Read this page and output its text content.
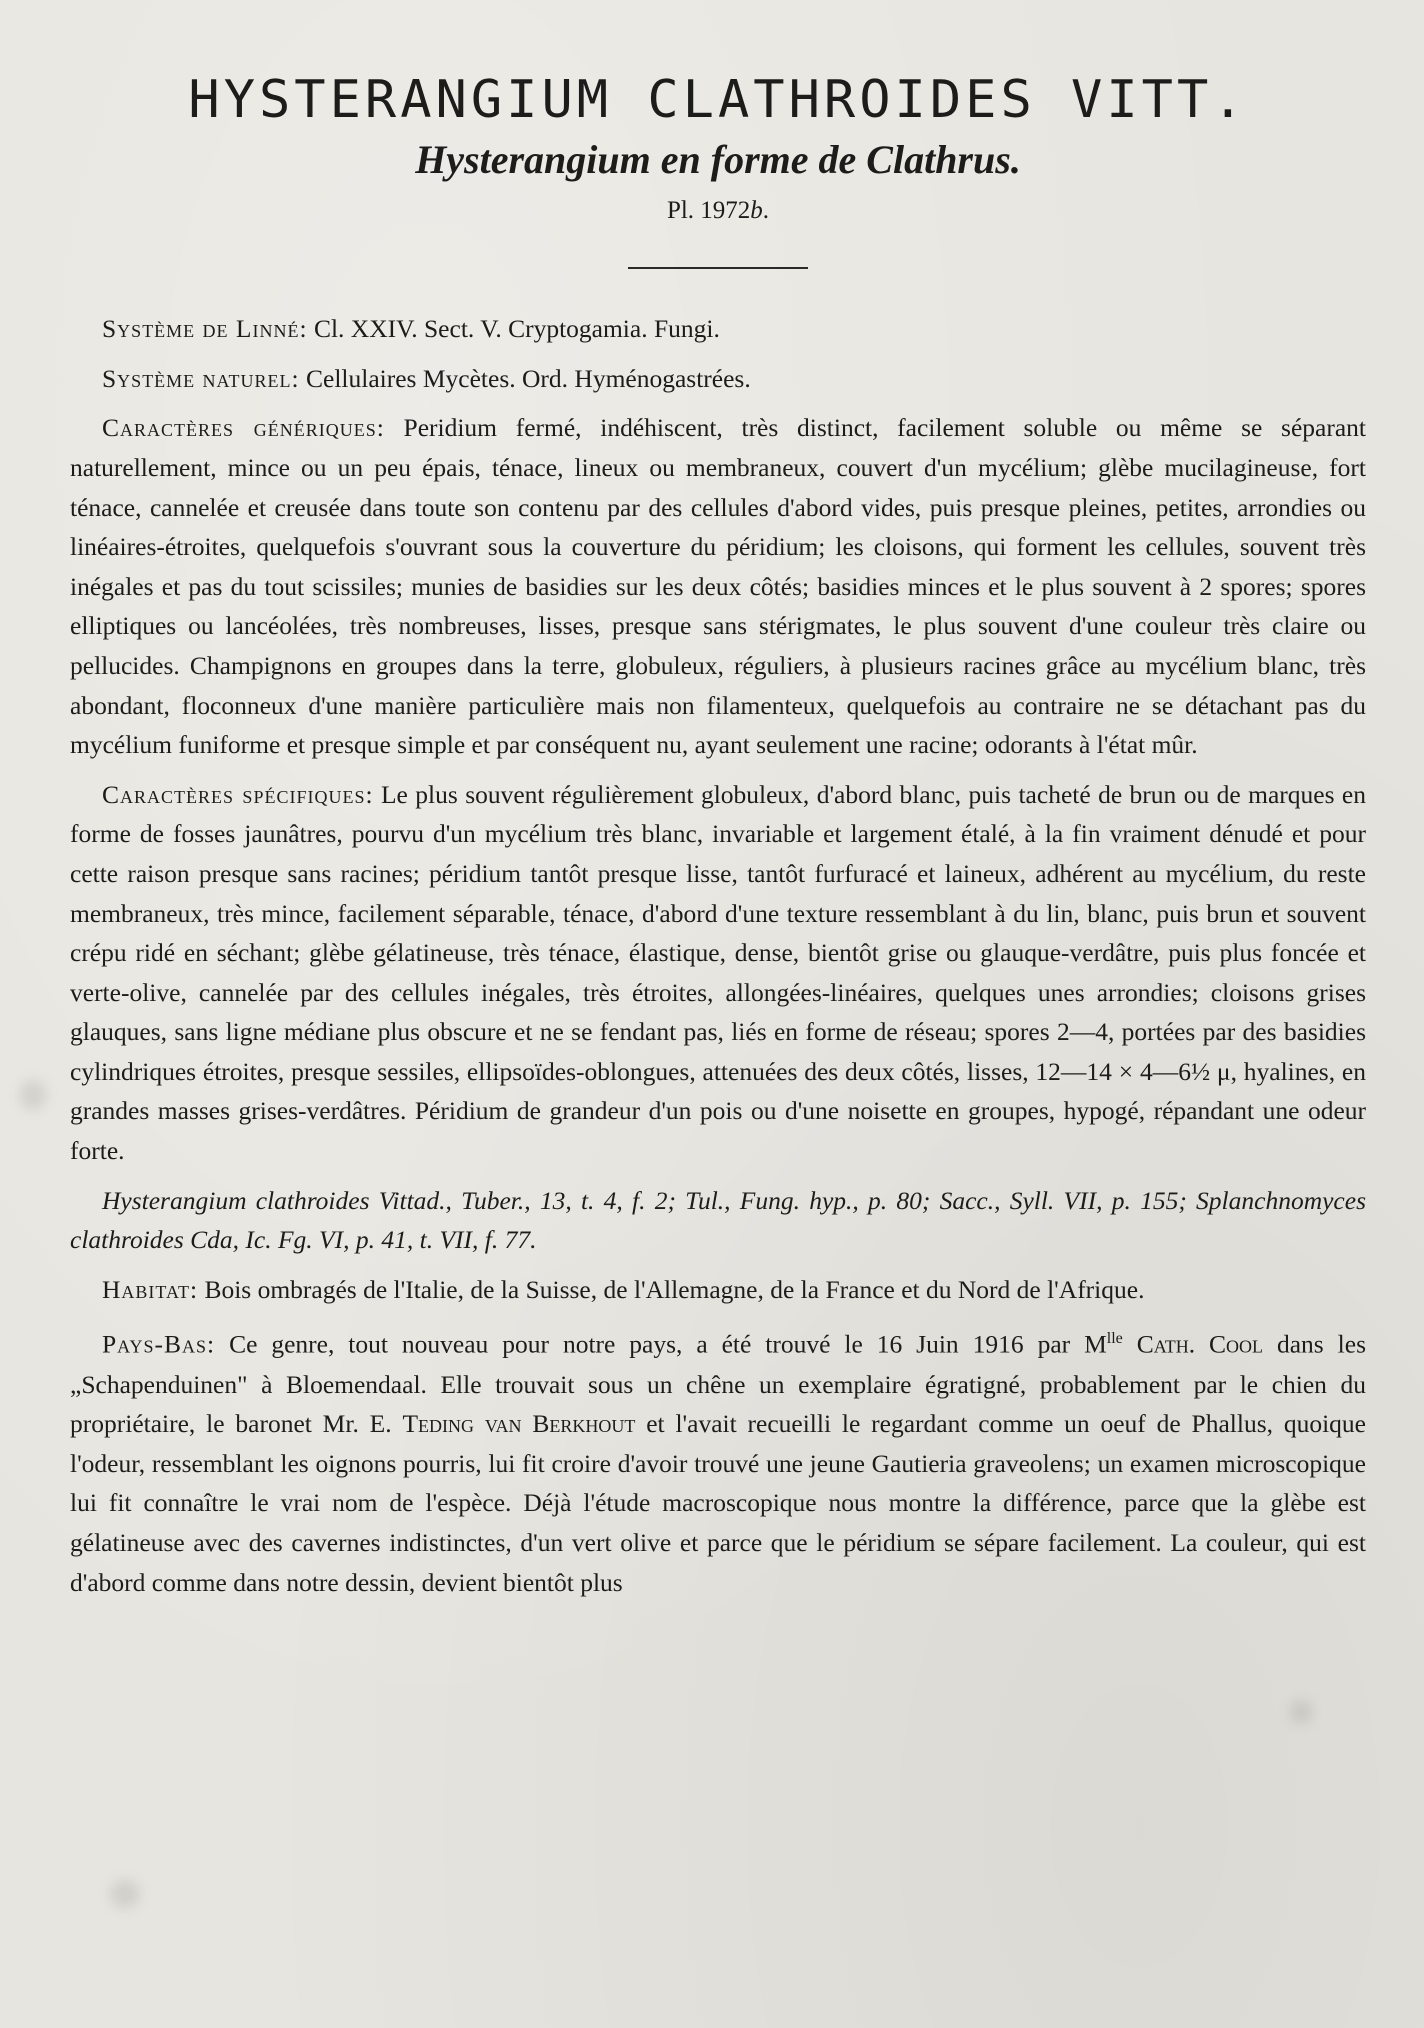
HYSTERANGIUM CLATHROIDES VITT.
Hysterangium en forme de Clathrus.
Pl. 1972b.

Système de Linné: Cl. XXIV. Sect. V. Cryptogamia. Fungi.

Système naturel: Cellulaires Mycètes. Ord. Hyménogastrées.

Caractères génériques: Peridium fermé, indéhiscent, très distinct, facilement soluble ou même se séparant naturellement, mince ou un peu épais, ténace, lineux ou membraneux, couvert d'un mycélium; glèbe mucilagineuse, fort ténace, cannelée et creusée dans toute son contenu par des cellules d'abord vides, puis presque pleines, petites, arrondies ou linéaires-étroites, quelquefois s'ouvrant sous la couverture du péridium; les cloisons, qui forment les cellules, souvent très inégales et pas du tout scissiles; munies de basidies sur les deux côtés; basidies minces et le plus souvent à 2 spores; spores elliptiques ou lancéolées, très nombreuses, lisses, presque sans stérigmates, le plus souvent d'une couleur très claire ou pellucides. Champignons en groupes dans la terre, globuleux, réguliers, à plusieurs racines grâce au mycélium blanc, très abondant, floconneux d'une manière particulière mais non filamenteux, quelquefois au contraire ne se détachant pas du mycélium funiforme et presque simple et par conséquent nu, ayant seulement une racine; odorants à l'état mûr.

Caractères spécifiques: Le plus souvent régulièrement globuleux, d'abord blanc, puis tacheté de brun ou de marques en forme de fosses jaunâtres, pourvu d'un mycélium très blanc, invariable et largement étalé, à la fin vraiment dénudé et pour cette raison presque sans racines; péridium tantôt presque lisse, tantôt furfuracé et laineux, adhérent au mycélium, du reste membraneux, très mince, facilement séparable, ténace, d'abord d'une texture ressemblant à du lin, blanc, puis brun et souvent crépu ridé en séchant; glèbe gélatineuse, très ténace, élastique, dense, bientôt grise ou glauque-verdâtre, puis plus foncée et verte-olive, cannelée par des cellules inégales, très étroites, allongées-linéaires, quelques unes arrondies; cloisons grises glauques, sans ligne médiane plus obscure et ne se fendant pas, liés en forme de réseau; spores 2—4, portées par des basidies cylindriques étroites, presque sessiles, ellipsoïdes-oblongues, attenuées des deux côtés, lisses, 12—14 × 4—6½ μ, hyalines, en grandes masses grises-verdâtres. Péridium de grandeur d'un pois ou d'une noisette en groupes, hypogé, répandant une odeur forte.

Hysterangium clathroides Vittad., Tuber., 13, t. 4, f. 2; Tul., Fung. hyp., p. 80; Sacc., Syll. VII, p. 155; Splanchnomyces clathroides Cda, Ic. Fg. VI, p. 41, t. VII, f. 77.

Habitat: Bois ombragés de l'Italie, de la Suisse, de l'Allemagne, de la France et du Nord de l'Afrique.

Pays-Bas: Ce genre, tout nouveau pour notre pays, a été trouvé le 16 Juin 1916 par $M^{lle}$ Cath. Cool dans les „Schapenduinen" à Bloemendaal. Elle trouvait sous un chêne un exemplaire égratigné, probablement par le chien du propriétaire, le baronet Mr. E. Teding van Berkhout et l'avait recueilli le regardant comme un oeuf de Phallus, quoique l'odeur, ressemblant les oignons pourris, lui fit croire d'avoir trouvé une jeune Gautieria graveolens; un examen microscopique lui fit connaître le vrai nom de l'espèce. Déjà l'étude macroscopique nous montre la différence, parce que la glèbe est gélatineuse avec des cavernes indistinctes, d'un vert olive et parce que le péridium se sépare facilement. La couleur, qui est d'abord comme dans notre dessin, devient bientôt plus
